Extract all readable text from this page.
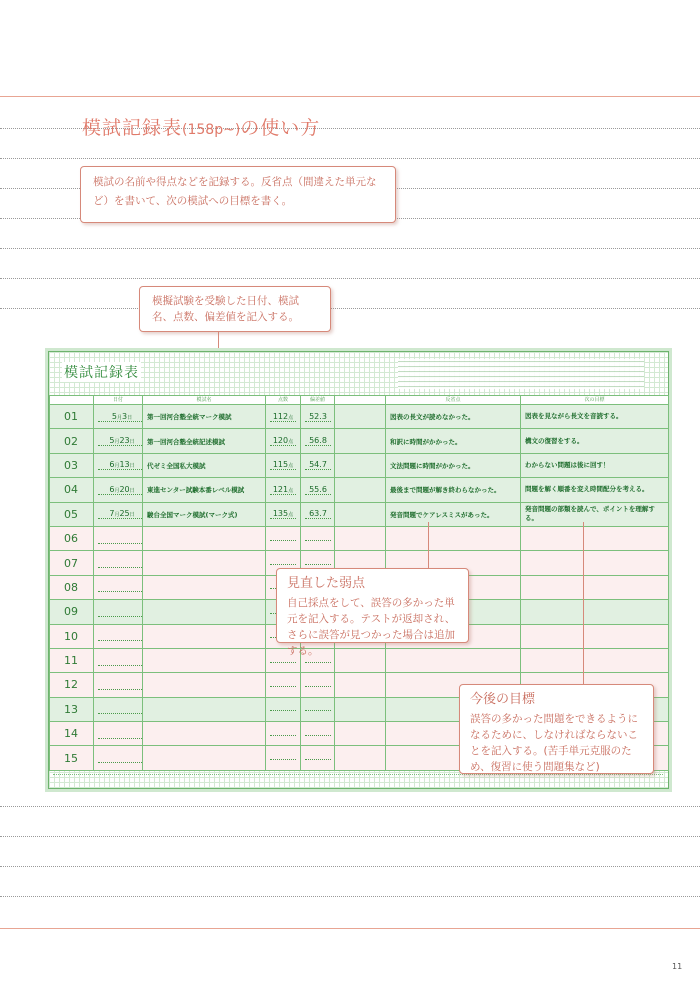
模試記録表(158p~)の使い方
模試の名前や得点などを記録する。反省点（間違えた単元など）を書いて、次の模試への目標を書く。
模擬試験を受験した日付、模試名、点数、偏差値を記入する。
模試記録表
	日付	模試名	点数	偏差値		反省点	次の目標
01	5月3日	第一回河合塾全統マーク模試	112点	52.3		図表の長文が読めなかった。	図表を見ながら長文を音読する。
02	5月23日	第一回河合塾全統記述模試	120点	56.8		和訳に時間がかかった。	構文の復習をする。
03	6月13日	代ゼミ全国私大模試	115点	54.7		文法問題に時間がかかった。	わからない問題は後に回す！
04	6月20日	東進センター試験本番レベル模試	121点	55.6		最後まで問題が解き終わらなかった。	問題を解く順番を変え時間配分を考える。
05	7月25日	駿台全国マーク模試(マーク式)	135点	63.7		発音問題でケアレスミスがあった。	発音問題の部類を読んで、ポイントを理解する。
06							
07							
08							
09							
10							
11							
12							
13							
14							
15							
見直した弱点
自己採点をして、誤答の多かった単元を記入する。テストが返却され、さらに誤答が見つかった場合は追加する。
今後の目標
誤答の多かった問題をできるようになるために、しなければならないことを記入する。(苦手単元克服のため、復習に使う問題集など)
11
